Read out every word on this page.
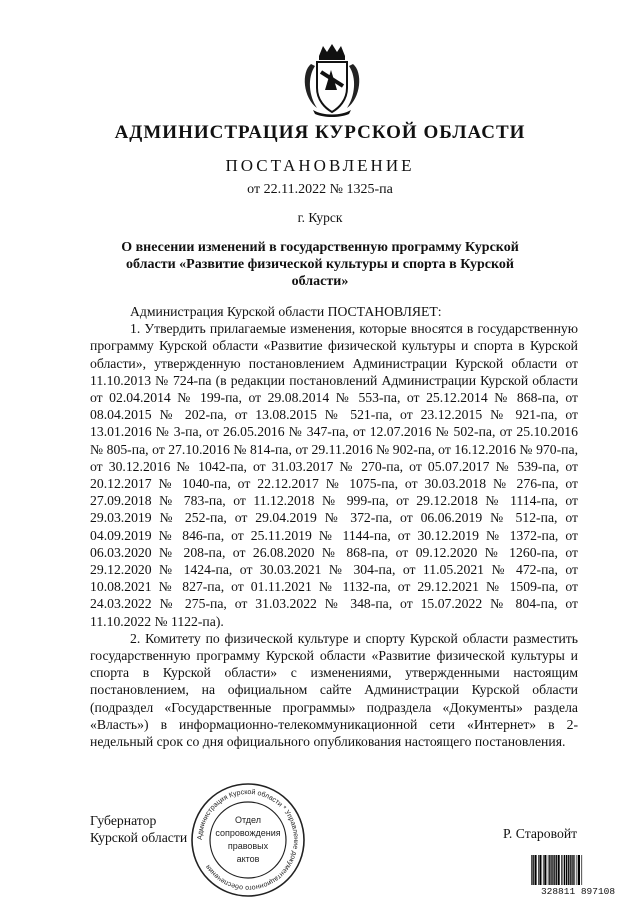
АДМИНИСТРАЦИЯ КУРСКОЙ ОБЛАСТИ
ПОСТАНОВЛЕНИЕ
от 22.11.2022 № 1325-па
г. Курск
О внесении изменений в государственную программу Курской области «Развитие физической культуры и спорта в Курской области»

Администрация Курской области ПОСТАНОВЛЯЕТ:

1. Утвердить прилагаемые изменения, которые вносятся в государственную программу Курской области «Развитие физической культуры и спорта в Курской области», утвержденную постановлением Администрации Курской области от 11.10.2013 № 724-па (в редакции постановлений Администрации Курской области от 02.04.2014 № 199-па, от 29.08.2014 № 553-па, от 25.12.2014 № 868-па, от 08.04.2015 № 202-па, от 13.08.2015 № 521-па, от 23.12.2015 № 921-па, от 13.01.2016 № 3-па, от 26.05.2016 № 347-па, от 12.07.2016 № 502-па, от 25.10.2016 № 805-па, от 27.10.2016 № 814-па, от 29.11.2016 № 902-па, от 16.12.2016 № 970-па, от 30.12.2016 № 1042-па, от 31.03.2017 № 270-па, от 05.07.2017 № 539-па, от 20.12.2017 № 1040-па, от 22.12.2017 № 1075-па, от 30.03.2018 № 276-па, от 27.09.2018 № 783-па, от 11.12.2018 № 999-па, от 29.12.2018 № 1114-па, от 29.03.2019 № 252-па, от 29.04.2019 № 372-па, от 06.06.2019 № 512-па, от 04.09.2019 № 846-па, от 25.11.2019 № 1144-па, от 30.12.2019 № 1372-па, от 06.03.2020 № 208-па, от 26.08.2020 № 868-па, от 09.12.2020 № 1260-па, от 29.12.2020 № 1424-па, от 30.03.2021 № 304-па, от 11.05.2021 № 472-па, от 10.08.2021 № 827-па, от 01.11.2021 № 1132-па, от 29.12.2021 № 1509-па, от 24.03.2022 № 275-па, от 31.03.2022 № 348-па, от 15.07.2022 № 804-па, от 11.10.2022 № 1122-па).

2. Комитету по физической культуре и спорту Курской области разместить государственную программу Курской области «Развитие физической культуры и спорта в Курской области» с изменениями, утвержденными настоящим постановлением, на официальном сайте Администрации Курской области (подраздел «Государственные программы» подраздела «Документы» раздела «Власть») в информационно-телекоммуникационной сети «Интернет» в 2-недельный срок со дня официального опубликования настоящего постановления.

Губернатор
Курской области	Р. Старовойт
Администрация Курской области * Управление документационного обеспечения
Отдел
сопровождения
правовых
актов
328811 897108
